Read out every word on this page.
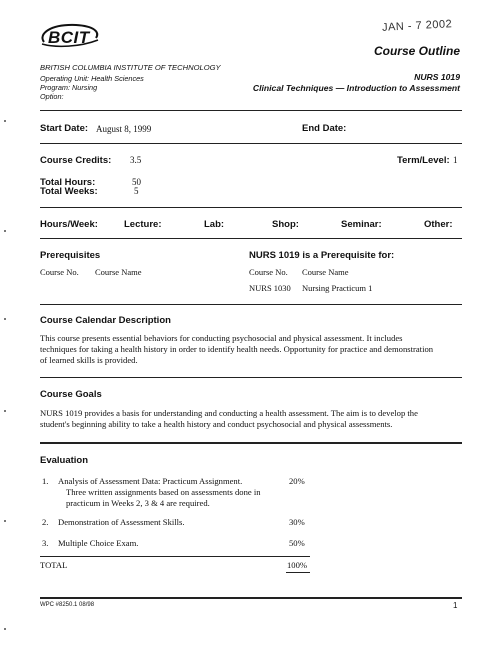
JAN - 7 2002
BCIT
Course Outline
BRITISH COLUMBIA INSTITUTE OF TECHNOLOGY
Operating Unit: Health Sciences
Program: Nursing
Option:
NURS 1019
Clinical Techniques — Introduction to Assessment
Start Date: August 8, 1999	End Date:
Course Credits: 3.5	Term/Level: 1
Total Hours:	50
Total Weeks:	5
Hours/Week:	Lecture:	Lab:	Shop:	Seminar:	Other:
Prerequisites
Course No. Course Name
NURS 1019 is a Prerequisite for:
Course No. Course Name
NURS 1030 Nursing Practicum 1
Course Calendar Description
This course presents essential behaviors for conducting psychosocial and physical assessment. It includes
techniques for taking a health history in order to identify health needs. Opportunity for practice and demonstration
of learned skills is provided.
Course Goals
NURS 1019 provides a basis for understanding and conducting a health assessment. The aim is to develop the
student's beginning ability to take a health history and conduct psychosocial and physical assessments.
Evaluation
1. Analysis of Assessment Data: Practicum Assignment.	20%
Three written assignments based on assessments done in
practicum in Weeks 2, 3 & 4 are required.
2. Demonstration of Assessment Skills.	30%
3. Multiple Choice Exam.	50%
TOTAL	100%
WPC #8250.1 08/98	1
